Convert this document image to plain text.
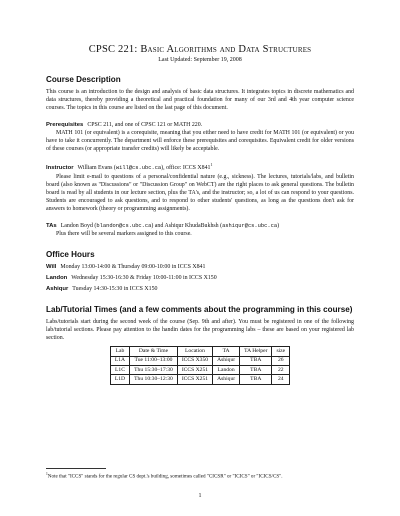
CPSC 221: Basic Algorithms and Data Structures
Last Updated: September 19, 2008
Course Description

This course is an introduction to the design and analysis of basic data structures. It integrates topics in discrete mathematics and data structures, thereby providing a theoretical and practical foundation for many of our 3rd and 4th year computer science courses. The topics in this course are listed on the last page of this document.

Prerequisites CPSC 211, and one of CPSC 121 or MATH 220.

MATH 101 (or equivalent) is a corequisite, meaning that you either need to have credit for MATH 101 (or equivalent) or you have to take it concurrently. The department will enforce these prerequisites and corequisites. Equivalent credit for older versions of these courses (or appropriate transfer credits) will likely be acceptable.

Instructor William Evans (will@cs.ubc.ca), office: ICCS $X841^1$

Please limit e-mail to questions of a personal/confidential nature (e.g., sickness). The lectures, tutorials/labs, and bulletin board (also known as "Discussions" or "Discussion Group" on WebCT) are the right places to ask general questions. The bulletin board is read by all students in our lecture section, plus the TA's, and the instructor; so, a lot of us can respond to your questions. Students are encouraged to ask questions, and to respond to other students' questions, as long as the questions don't ask for answers to homework (theory or programming assignments).

TAs Landon Boyd (blandon@cs.ubc.ca) and Ashiqur KhudaBukhsh (ashiqur@cs.ubc.ca)

Plus there will be several markers assigned to this course.

Office Hours

Will Monday 13:00-14:00 & Thursday 09:00-10:00 in ICCS X841

Landon Wednesday 15:30-16:30 & Friday 10:00-11:00 in ICCS X150

Ashiqur Tuesday 14:30-15:30 in ICCS X150

Lab/Tutorial Times (and a few comments about the programming in this course)

Labs/tutorials start during the second week of the course (Sep. 9th and after). You must be registered in one of the following lab/tutorial sections. Please pay attention to the handin dates for the programming labs – these are based on your registered lab section.

Lab	Date & Time	Location	TA	TA Helper	size
L1A	Tue 11:00–13:00	ICCS X350	Ashiqur	TBA	26
L1C	Thu 15:30–17:30	ICCS X251	Landon	TBA	22
L1D	Thu 10:30–12:30	ICCS X251	Ashiqur	TBA	24
$^1$Note that "ICCS" stands for the regular CS dept.'s building, sometimes called "CICSR" or "ICICS" or "ICICS/CS".
1
